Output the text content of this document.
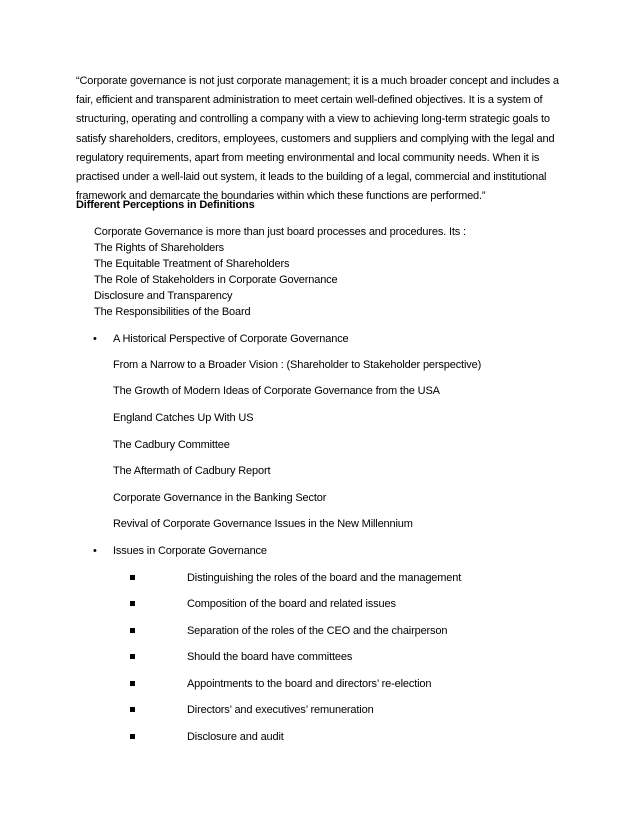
“Corporate governance is not just corporate management; it is a much broader concept and includes a
fair, efficient and transparent administration to meet certain well-defined objectives. It is a system of
structuring, operating and controlling a company with a view to achieving long-term strategic goals to
satisfy shareholders, creditors, employees, customers and suppliers and complying with the legal and
regulatory requirements, apart from meeting environmental and local community needs. When it is
practised under a well-laid out system, it leads to the building of a legal, commercial and institutional
framework and demarcate the boundaries within which these functions are performed.”
Different Perceptions in Definitions
Corporate Governance is more than just board processes and procedures. Its :
The Rights of Shareholders
The Equitable Treatment of Shareholders
The Role of Stakeholders in Corporate Governance
Disclosure and Transparency
The Responsibilities of the Board
• A Historical Perspective of Corporate Governance
From a Narrow to a Broader Vision : (Shareholder to Stakeholder perspective)
The Growth of Modern Ideas of Corporate Governance from the USA
England Catches Up With US
The Cadbury Committee
The Aftermath of Cadbury Report
Corporate Governance in the Banking Sector
Revival of Corporate Governance Issues in the New Millennium
• Issues in Corporate Governance
Distinguishing the roles of the board and the management
Composition of the board and related issues
Separation of the roles of the CEO and the chairperson
Should the board have committees
Appointments to the board and directors’ re-election
Directors’ and executives’ remuneration
Disclosure and audit
